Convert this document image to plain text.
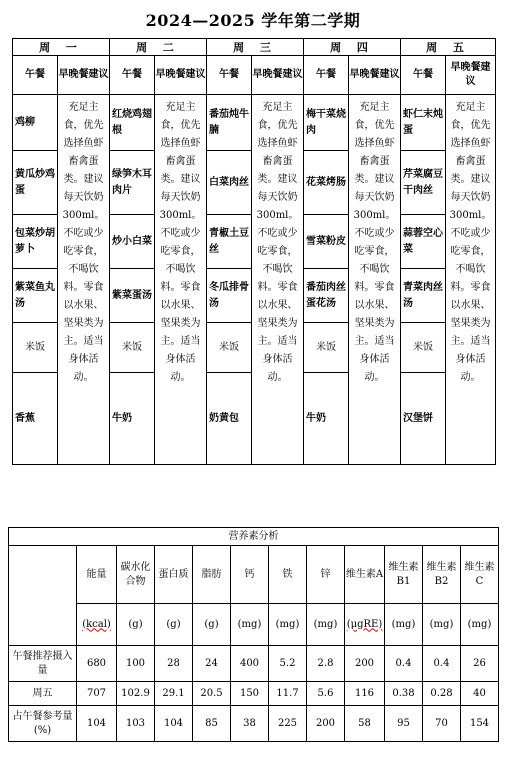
2024—2025 学年第二学期
周 一		周 二		周 三		周 四		周 五	
午餐	早晚餐建议	午餐	早晚餐建议	午餐	早晚餐建议	午餐	早晚餐建议	午餐	早晚餐建议
鸡柳	充足主食，优先选择鱼虾畜禽蛋类。建议每天饮奶300ml。不吃或少吃零食，不喝饮料。零食以水果、坚果类为主。适当身体活动。	红烧鸡翅根	充足主食，优先选择鱼虾畜禽蛋类。建议每天饮奶300ml。不吃或少吃零食，不喝饮料。零食以水果、坚果类为主。适当身体活动。	番茄炖牛腩	充足主食，优先选择鱼虾畜禽蛋类。建议每天饮奶300ml。不吃或少吃零食，不喝饮料。零食以水果、坚果类为主。适当身体活动。	梅干菜烧肉	充足主食，优先选择鱼虾畜禽蛋类。建议每天饮奶300ml。不吃或少吃零食，不喝饮料。零食以水果、坚果类为主。适当身体活动。	虾仁末炖蛋	充足主食，优先选择鱼虾畜禽蛋类。建议每天饮奶300ml。不吃或少吃零食，不喝饮料。零食以水果、坚果类为主。适当身体活动。
黄瓜炒鸡蛋		绿笋木耳肉片		白菜肉丝		花菜烤肠		芹菜腐豆干肉丝	
包菜炒胡萝卜		炒小白菜		青椒土豆丝		雪菜粉皮		蒜蓉空心菜	
紫菜鱼丸汤		紫菜蛋汤		冬瓜排骨汤		番茄肉丝蛋花汤		青菜肉丝汤	
米饭		米饭		米饭		米饭		米饭	
香蕉		牛奶		奶黄包		牛奶		汉堡饼	
营养素分析											
	能量	碳水化合物	蛋白质	脂肪	钙	铁	锌	维生素A	维生素B1	维生素B2	维生素C
	(kcal)	(g)	(g)	(g)	(mg)	(mg)	(mg)	(μgRE)	(mg)	(mg)	(mg)
午餐推荐摄入量	680	100	28	24	400	5.2	2.8	200	0.4	0.4	26
周五	707	102.9	29.1	20.5	150	11.7	5.6	116	0.38	0.28	40
占午餐参考量(%)	104	103	104	85	38	225	200	58	95	70	154
